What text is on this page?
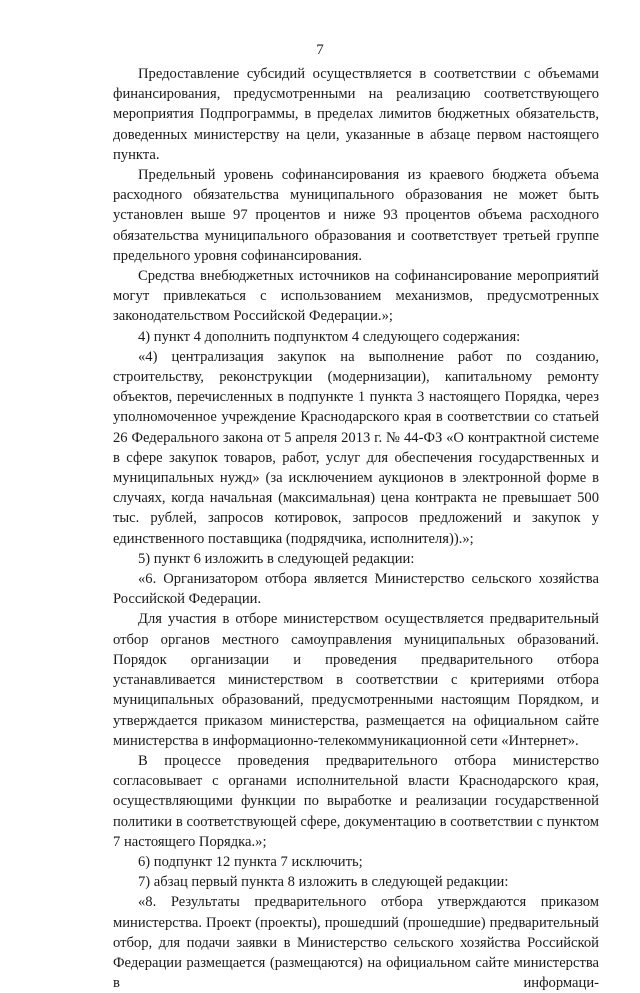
7

Предоставление субсидий осуществляется в соответствии с объемами финансирования, предусмотренными на реализацию соответствующего мероприятия Подпрограммы, в пределах лимитов бюджетных обязательств, доведенных министерству на цели, указанные в абзаце первом настоящего пункта.

Предельный уровень софинансирования из краевого бюджета объема расходного обязательства муниципального образования не может быть установлен выше 97 процентов и ниже 93 процентов объема расходного обязательства муниципального образования и соответствует третьей группе предельного уровня софинансирования.

Средства внебюджетных источников на софинансирование мероприятий могут привлекаться с использованием механизмов, предусмотренных законодательством Российской Федерации.»;

4) пункт 4 дополнить подпунктом 4 следующего содержания:

«4) централизация закупок на выполнение работ по созданию, строительству, реконструкции (модернизации), капитальному ремонту объектов, перечисленных в подпункте 1 пункта 3 настоящего Порядка, через уполномоченное учреждение Краснодарского края в соответствии со статьей 26 Федерального закона от 5 апреля 2013 г. № 44-ФЗ «О контрактной системе в сфере закупок товаров, работ, услуг для обеспечения государственных и муниципальных нужд» (за исключением аукционов в электронной форме в случаях, когда начальная (максимальная) цена контракта не превышает 500 тыс. рублей, запросов котировок, запросов предложений и закупок у единственного поставщика (подрядчика, исполнителя)).»;

5) пункт 6 изложить в следующей редакции:

«6. Организатором отбора является Министерство сельского хозяйства Российской Федерации.

Для участия в отборе министерством осуществляется предварительный отбор органов местного самоуправления муниципальных образований. Порядок организации и проведения предварительного отбора устанавливается министерством в соответствии с критериями отбора муниципальных образований, предусмотренными настоящим Порядком, и утверждается приказом министерства, размещается на официальном сайте министерства в информационно-телекоммуникационной сети «Интернет».

В процессе проведения предварительного отбора министерство согласовывает с органами исполнительной власти Краснодарского края, осуществляющими функции по выработке и реализации государственной политики в соответствующей сфере, документацию в соответствии с пунктом 7 настоящего Порядка.»;

6) подпункт 12 пункта 7 исключить;

7) абзац первый пункта 8 изложить в следующей редакции:

«8. Результаты предварительного отбора утверждаются приказом министерства. Проект (проекты), прошедший (прошедшие) предварительный отбор, для подачи заявки в Министерство сельского хозяйства Российской Федерации размещается (размещаются) на официальном сайте министерства в информаци-
